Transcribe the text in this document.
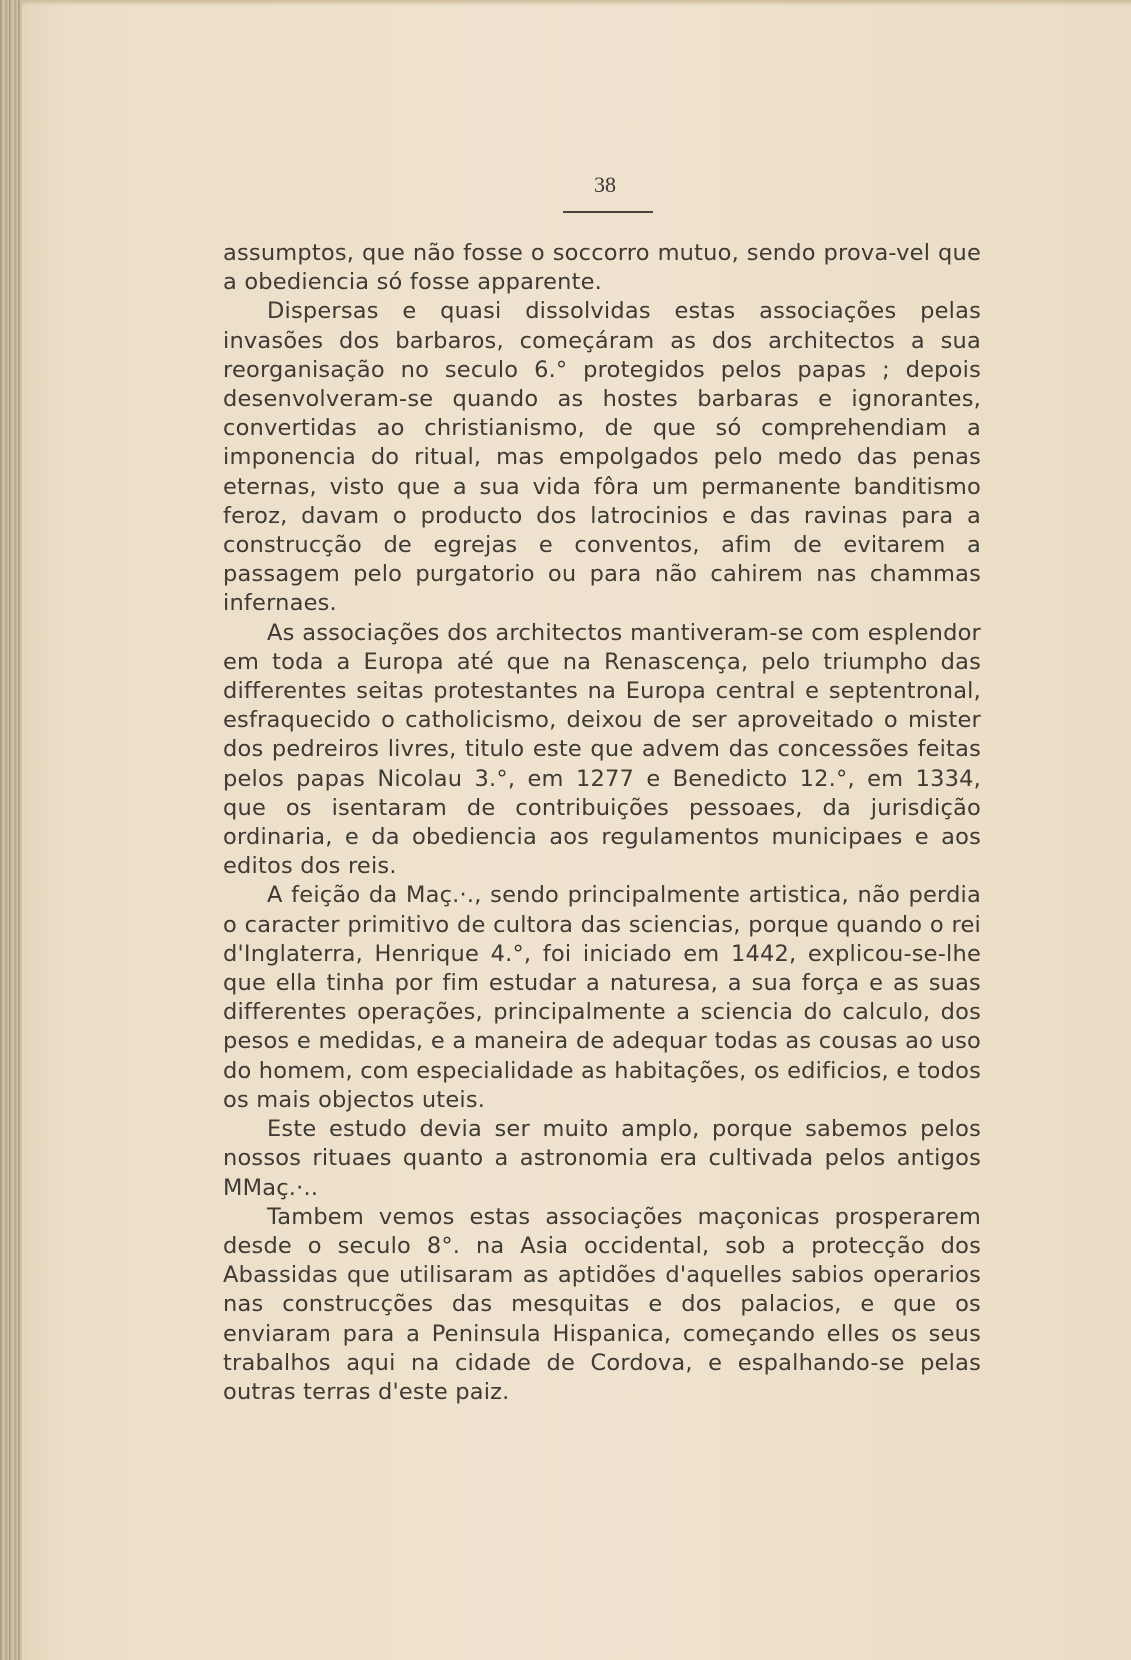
38

assumptos, que não fosse o soccorro mutuo, sendo prova-vel que a obediencia só fosse apparente.

Dispersas e quasi dissolvidas estas associações pelas invasões dos barbaros, começáram as dos architectos a sua reorganisação no seculo 6.° protegidos pelos papas ; depois desenvolveram-se quando as hostes barbaras e ignorantes, convertidas ao christianismo, de que só comprehendiam a imponencia do ritual, mas empolgados pelo medo das penas eternas, visto que a sua vida fôra um permanente banditismo feroz, davam o producto dos latrocinios e das ravinas para a construcção de egrejas e conventos, afim de evitarem a passagem pelo purgatorio ou para não cahirem nas chammas infernaes.

As associações dos architectos mantiveram-se com esplendor em toda a Europa até que na Renascença, pelo triumpho das differentes seitas protestantes na Europa central e septentronal, esfraquecido o catholicismo, deixou de ser aproveitado o mister dos pedreiros livres, titulo este que advem das concessões feitas pelos papas Nicolau 3.°, em 1277 e Benedicto 12.°, em 1334, que os isentaram de contribuições pessoaes, da jurisdição ordinaria, e da obediencia aos regulamentos municipaes e aos editos dos reis.

A feição da Maç.·., sendo principalmente artistica, não perdia o caracter primitivo de cultora das sciencias, porque quando o rei d'Inglaterra, Henrique 4.°, foi iniciado em 1442, explicou-se-lhe que ella tinha por fim estudar a naturesa, a sua força e as suas differentes operações, principalmente a sciencia do calculo, dos pesos e medidas, e a maneira de adequar todas as cousas ao uso do homem, com especialidade as habitações, os edificios, e todos os mais objectos uteis.

Este estudo devia ser muito amplo, porque sabemos pelos nossos rituaes quanto a astronomia era cultivada pelos antigos MMaç.·..

Tambem vemos estas associações maçonicas prosperarem desde o seculo 8°. na Asia occidental, sob a protecção dos Abassidas que utilisaram as aptidões d'aquelles sabios operarios nas construcções das mesquitas e dos palacios, e que os enviaram para a Peninsula Hispanica, começando elles os seus trabalhos aqui na cidade de Cordova, e espalhando-se pelas outras terras d'este paiz.
